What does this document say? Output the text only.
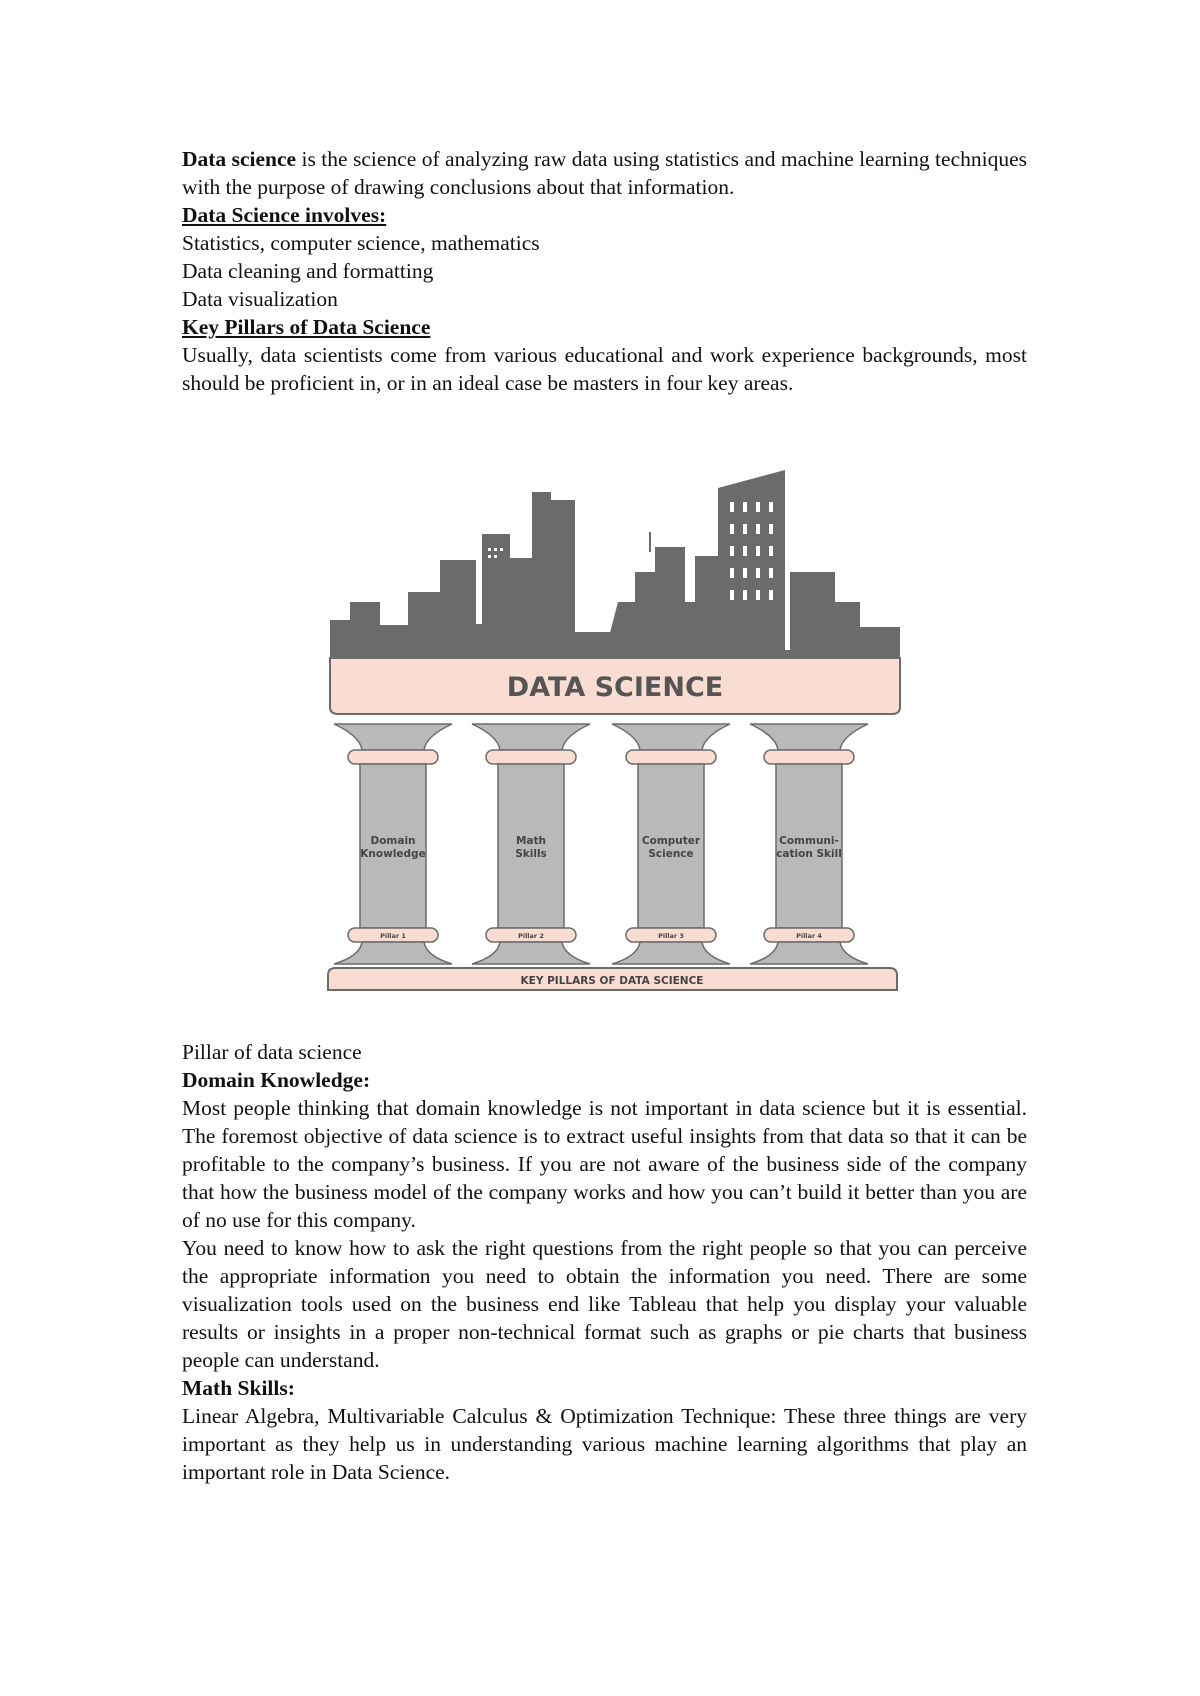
Data science is the science of analyzing raw data using statistics and machine learning techniques with the purpose of drawing conclusions about that information.

Data Science involves:

Statistics, computer science, mathematics

Data cleaning and formatting

Data visualization

Key Pillars of Data Science

Usually, data scientists come from various educational and work experience backgrounds, most should be proficient in, or in an ideal case be masters in four key areas.

DATA SCIENCE
Domain
Knowledge
Pillar 1
Math
Skills
Pillar 2
Computer
Science
Pillar 3
Communi-
cation Skill
Pillar 4
KEY PILLARS OF DATA SCIENCE

Pillar of data science

Domain Knowledge:

Most people thinking that domain knowledge is not important in data science but it is essential. The foremost objective of data science is to extract useful insights from that data so that it can be profitable to the company’s business. If you are not aware of the business side of the company that how the business model of the company works and how you can’t build it better than you are of no use for this company.

You need to know how to ask the right questions from the right people so that you can perceive the appropriate information you need to obtain the information you need. There are some visualization tools used on the business end like Tableau that help you display your valuable results or insights in a proper non-technical format such as graphs or pie charts that business people can understand.

Math Skills:

Linear Algebra, Multivariable Calculus & Optimization Technique: These three things are very important as they help us in understanding various machine learning algorithms that play an important role in Data Science.
